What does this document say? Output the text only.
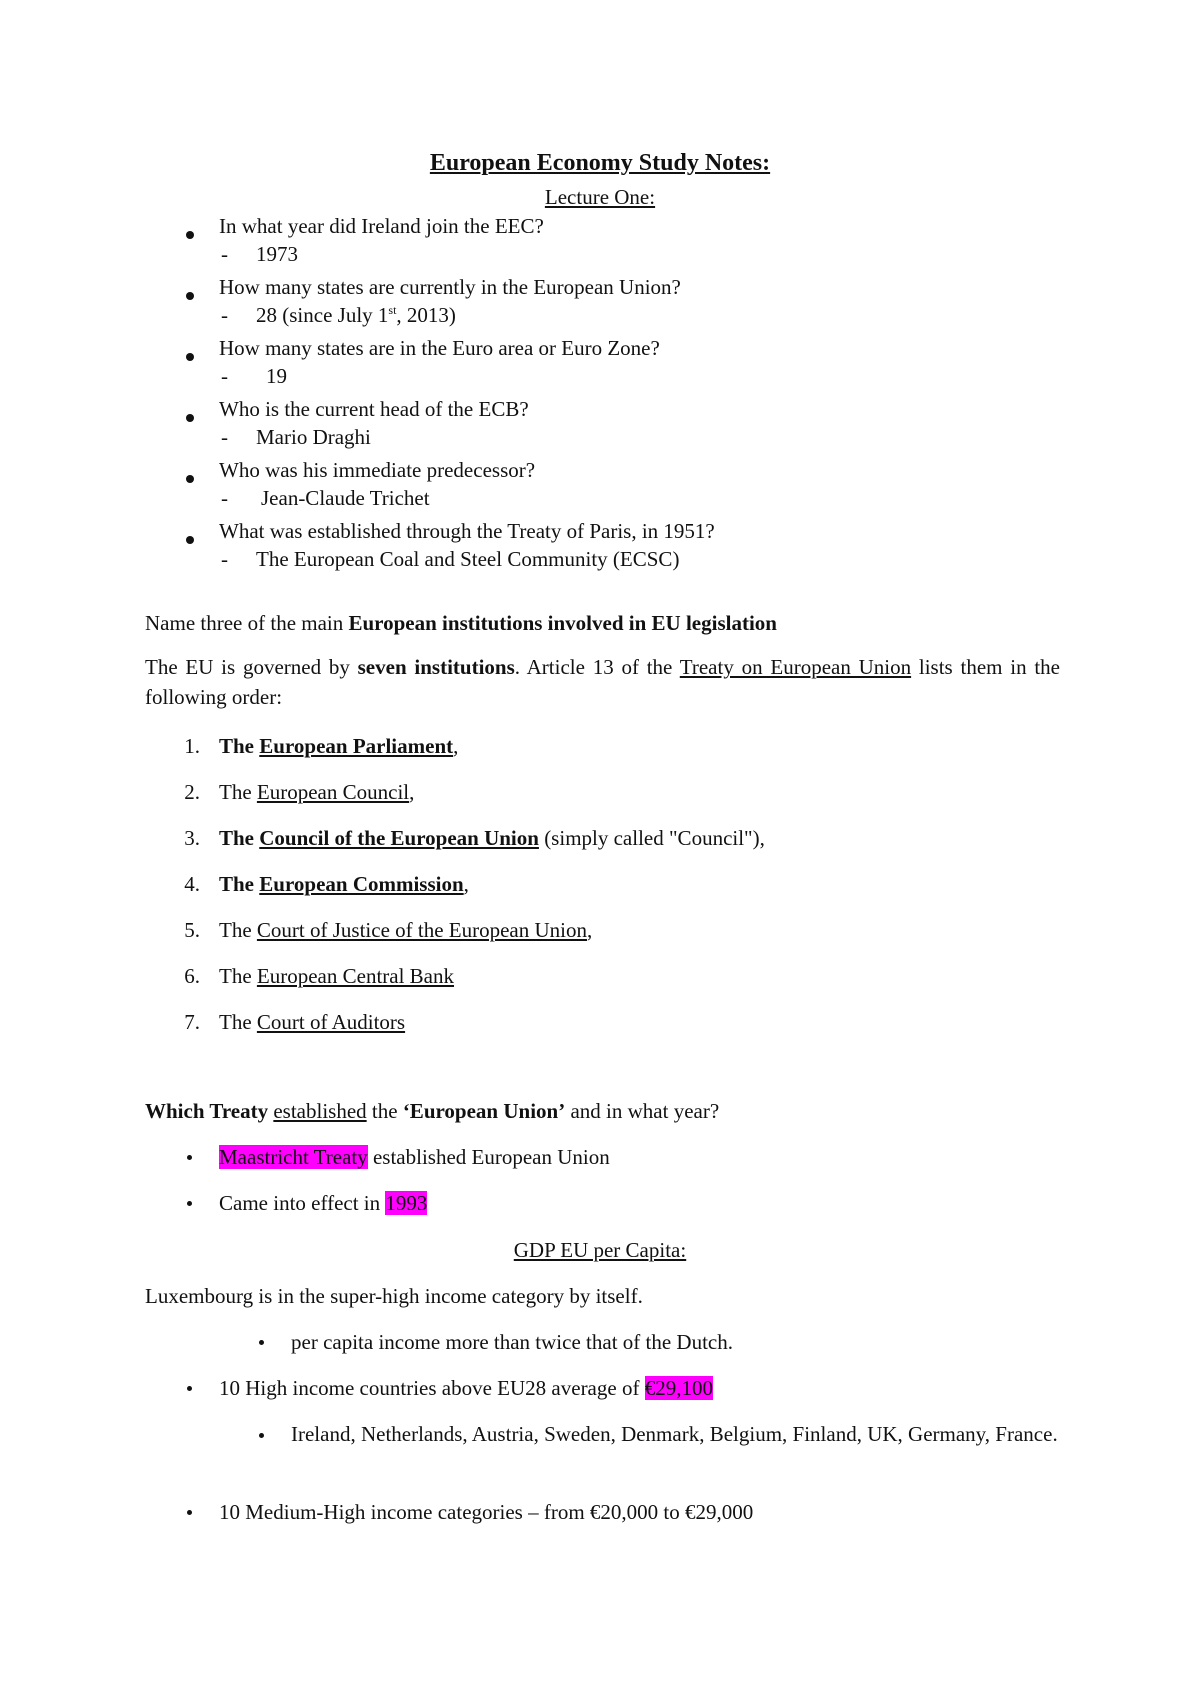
European Economy Study Notes:
Lecture One:
In what year did Ireland join the EEC?
- 1973
How many states are currently in the European Union?
- 28 (since July 1st, 2013)
How many states are in the Euro area or Euro Zone?
- 19
Who is the current head of the ECB?
- Mario Draghi
Who was his immediate predecessor?
- Jean-Claude Trichet
What was established through the Treaty of Paris, in 1951?
- The European Coal and Steel Community (ECSC)
Name three of the main European institutions involved in EU legislation
The EU is governed by seven institutions. Article 13 of the Treaty on European Union lists them in the following order:
1. The European Parliament,
2. The European Council,
3. The Council of the European Union (simply called "Council"),
4. The European Commission,
5. The Court of Justice of the European Union,
6. The European Central Bank
7. The Court of Auditors
Which Treaty established the ‘European Union’ and in what year?
Maastricht Treaty established European Union
Came into effect in 1993
GDP EU per Capita:
Luxembourg is in the super-high income category by itself.
per capita income more than twice that of the Dutch.
10 High income countries above EU28 average of €29,100
Ireland, Netherlands, Austria, Sweden, Denmark, Belgium, Finland, UK, Germany, France.
10 Medium-High income categories – from €20,000 to €29,000
